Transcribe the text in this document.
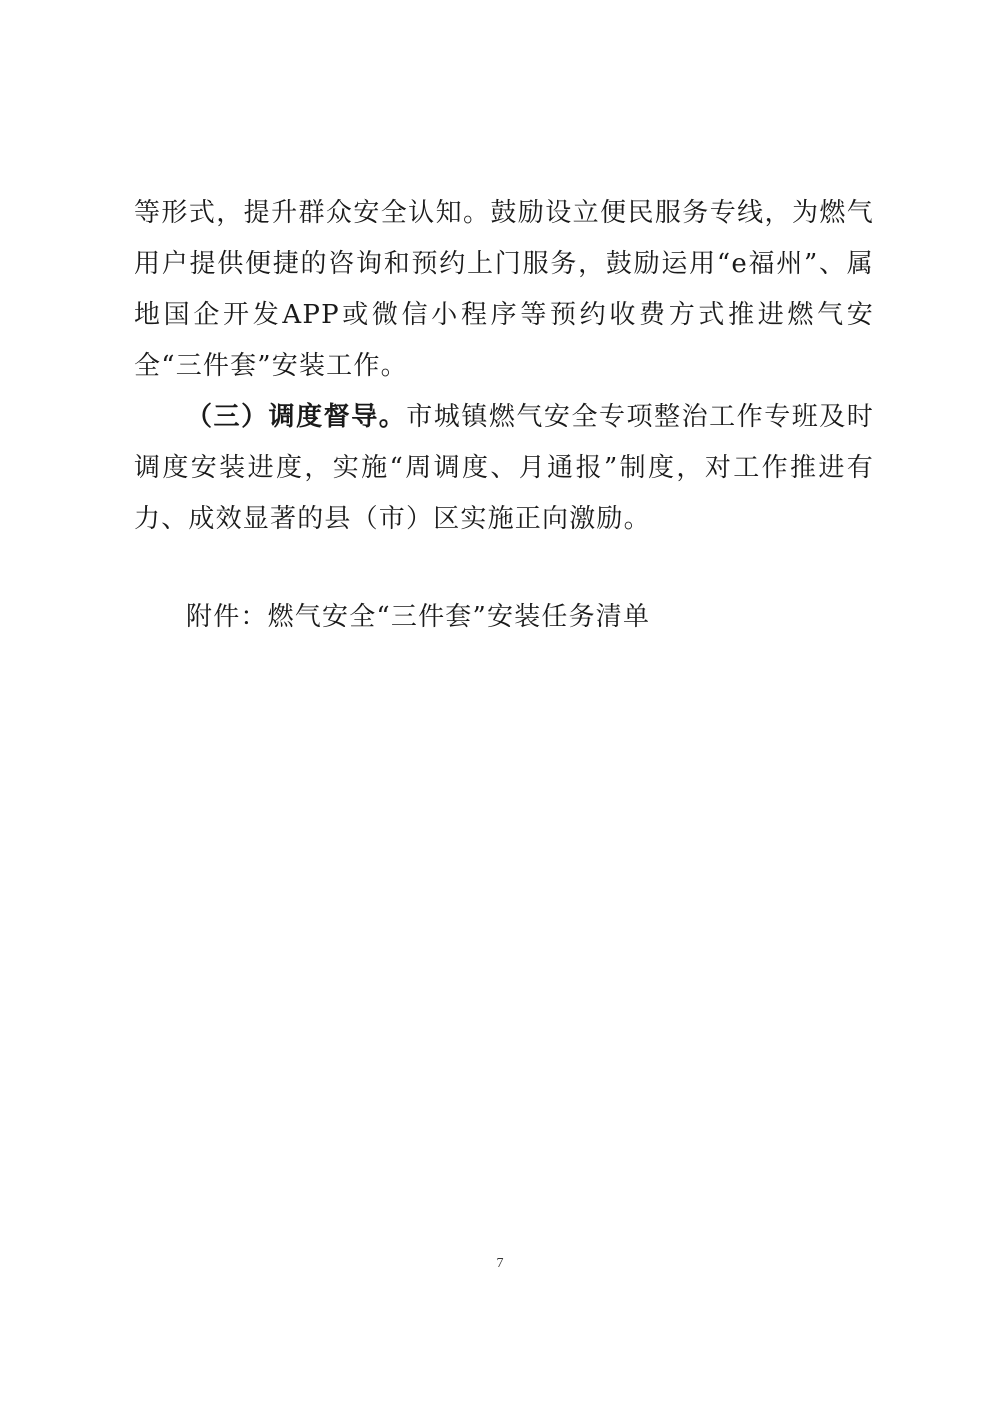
等形式，提升群众安全认知。鼓励设立便民服务专线，为燃气用户提供便捷的咨询和预约上门服务，鼓励运用“e福州”、属地国企开发APP或微信小程序等预约收费方式推进燃气安全“三件套”安装工作。

（三）调度督导。市城镇燃气安全专项整治工作专班及时调度安装进度，实施“周调度、月通报”制度，对工作推进有力、成效显著的县（市）区实施正向激励。

附件：燃气安全“三件套”安装任务清单

7
